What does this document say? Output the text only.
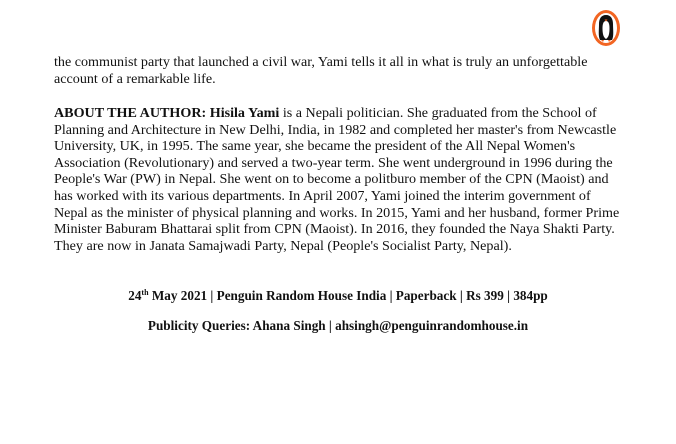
the communist party that launched a civil war, Yami tells it all in what is truly an unforgettable account of a remarkable life.

ABOUT THE AUTHOR: Hisila Yami is a Nepali politician. She graduated from the School of Planning and Architecture in New Delhi, India, in 1982 and completed her master's from Newcastle University, UK, in 1995. The same year, she became the president of the All Nepal Women's Association (Revolutionary) and served a two-year term. She went underground in 1996 during the People's War (PW) in Nepal. She went on to become a politburo member of the CPN (Maoist) and has worked with its various departments. In April 2007, Yami joined the interim government of Nepal as the minister of physical planning and works. In 2015, Yami and her husband, former Prime Minister Baburam Bhattarai split from CPN (Maoist). In 2016, they founded the Naya Shakti Party. They are now in Janata Samajwadi Party, Nepal (People's Socialist Party, Nepal).

24th May 2021 | Penguin Random House India | Paperback | Rs 399 | 384pp

Publicity Queries: Ahana Singh | ahsingh@penguinrandomhouse.in
